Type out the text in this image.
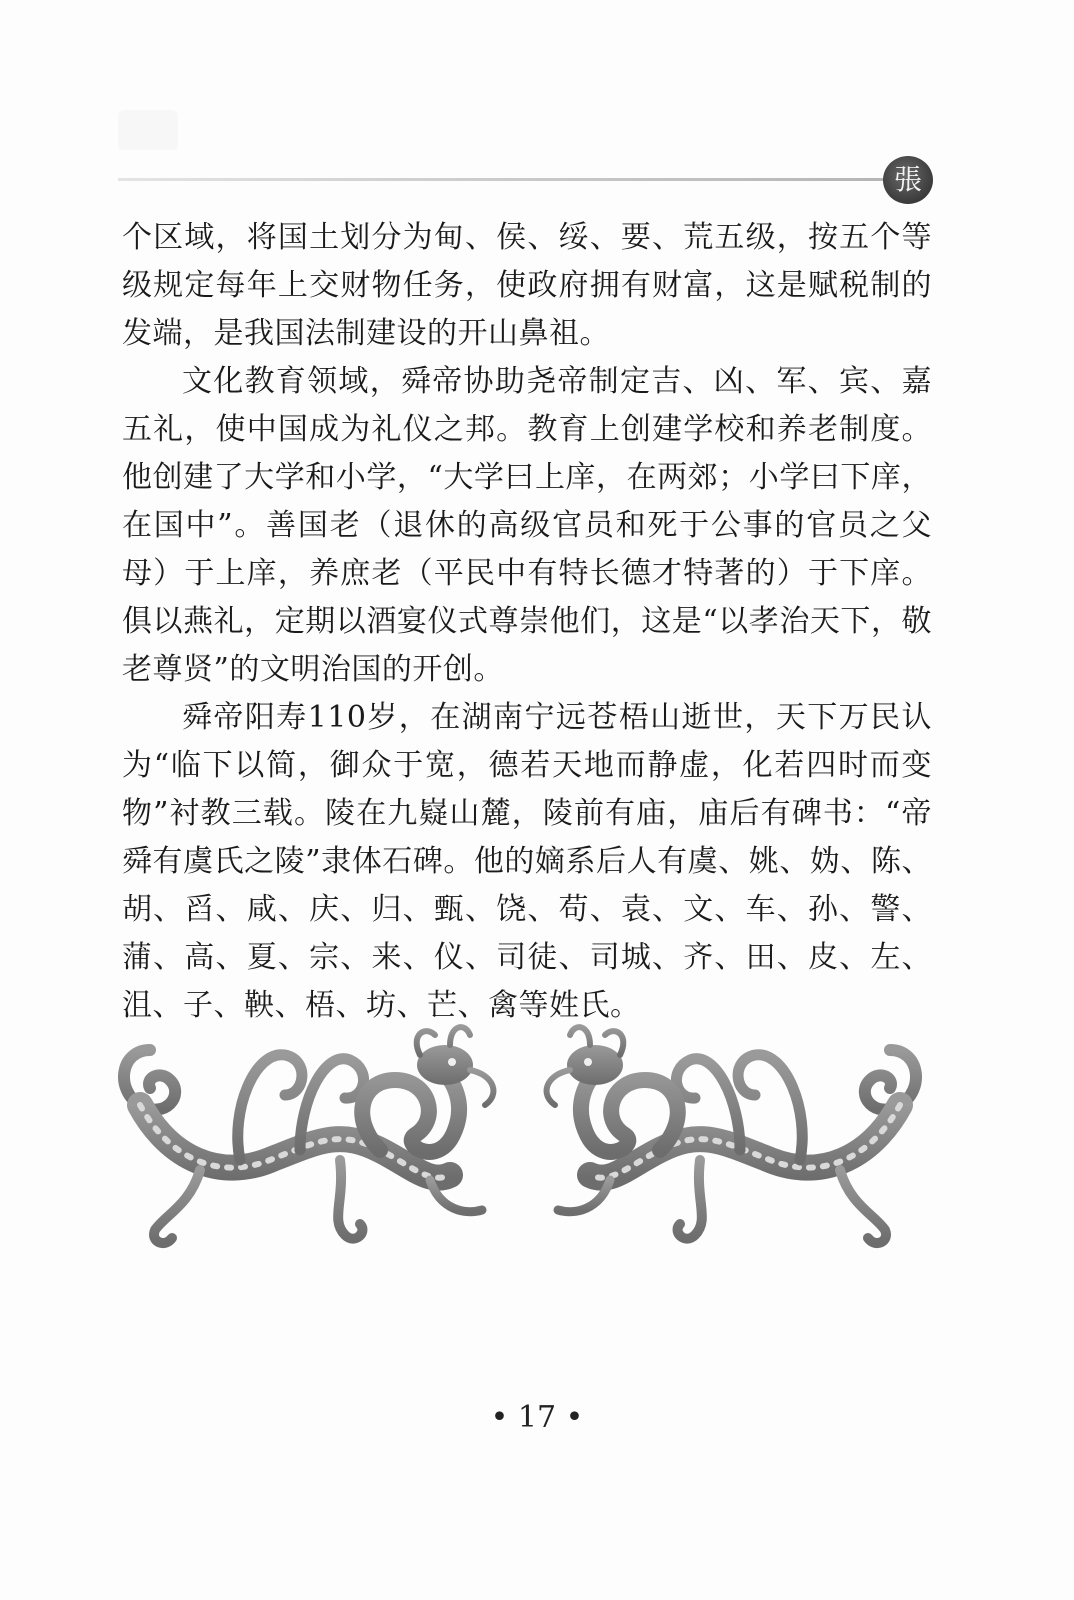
張

个区域，将国土划分为甸、侯、绥、要、荒五级，按五个等级规定每年上交财物任务，使政府拥有财富，这是赋税制的发端，是我国法制建设的开山鼻祖。

文化教育领域，舜帝协助尧帝制定吉、凶、军、宾、嘉五礼，使中国成为礼仪之邦。教育上创建学校和养老制度。他创建了大学和小学，“大学曰上庠，在两郊；小学曰下庠，在国中”。善国老（退休的高级官员和死于公事的官员之父母）于上庠，养庶老（平民中有特长德才特著的）于下庠。俱以燕礼，定期以酒宴仪式尊崇他们，这是“以孝治天下，敬老尊贤”的文明治国的开创。

舜帝阳寿110岁，在湖南宁远苍梧山逝世，天下万民认为“临下以简，御众于宽，德若天地而静虚，化若四时而变物”衬教三载。陵在九嶷山麓，陵前有庙，庙后有碑书：“帝舜有虞氏之陵”隶体石碑。他的嫡系后人有虞、姚、妫、陈、胡、舀、咸、庆、归、甄、饶、苟、袁、文、车、孙、警、蒲、高、夏、宗、来、仪、司徒、司城、齐、田、皮、左、沮、子、鞅、梧、坊、芒、禽等姓氏。

• 17 •
